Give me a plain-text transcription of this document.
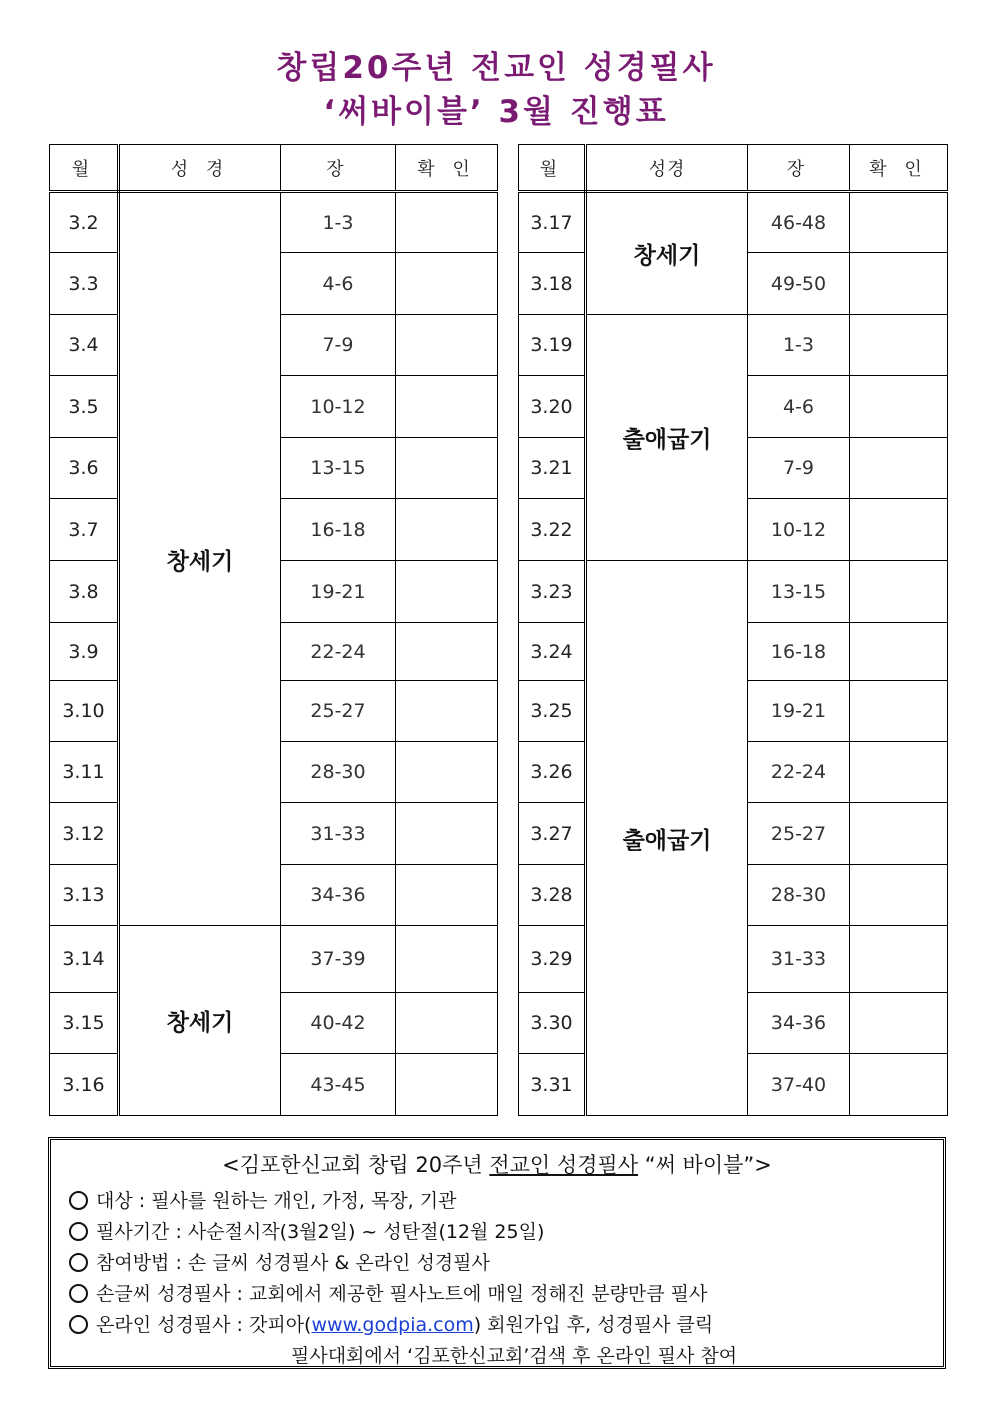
창립20주년 전교인 성경필사
‘써바이블’ 3월 진행표
월	성 경	장	확 인
3.2	창세기	1-3	
3.3		4-6	
3.4		7-9	
3.5		10-12	
3.6		13-15	
3.7		16-18	
3.8		19-21	
3.9		22-24	
3.10		25-27	
3.11		28-30	
3.12		31-33	
3.13		34-36	
3.14	창세기	37-39	
3.15		40-42	
3.16		43-45	
월	성경	장	확 인
3.17	창세기	46-48	
3.18		49-50	
3.19	출애굽기	1-3	
3.20		4-6	
3.21		7-9	
3.22		10-12	
3.23	출애굽기	13-15	
3.24		16-18	
3.25		19-21	
3.26		22-24	
3.27		25-27	
3.28		28-30	
3.29		31-33	
3.30		34-36	
3.31		37-40	
<김포한신교회 창립 20주년 전교인 성경필사 “써 바이블”>
대상 : 필사를 원하는 개인, 가정, 목장, 기관
필사기간 : 사순절시작(3월2일) ~ 성탄절(12월 25일)
참여방법 : 손 글씨 성경필사 & 온라인 성경필사
손글씨 성경필사 : 교회에서 제공한 필사노트에 매일 정해진 분량만큼 필사
온라인 성경필사 : 갓피아(www.godpia.com) 회원가입 후, 성경필사 클릭
필사대회에서 ‘김포한신교회’검색 후 온라인 필사 참여
